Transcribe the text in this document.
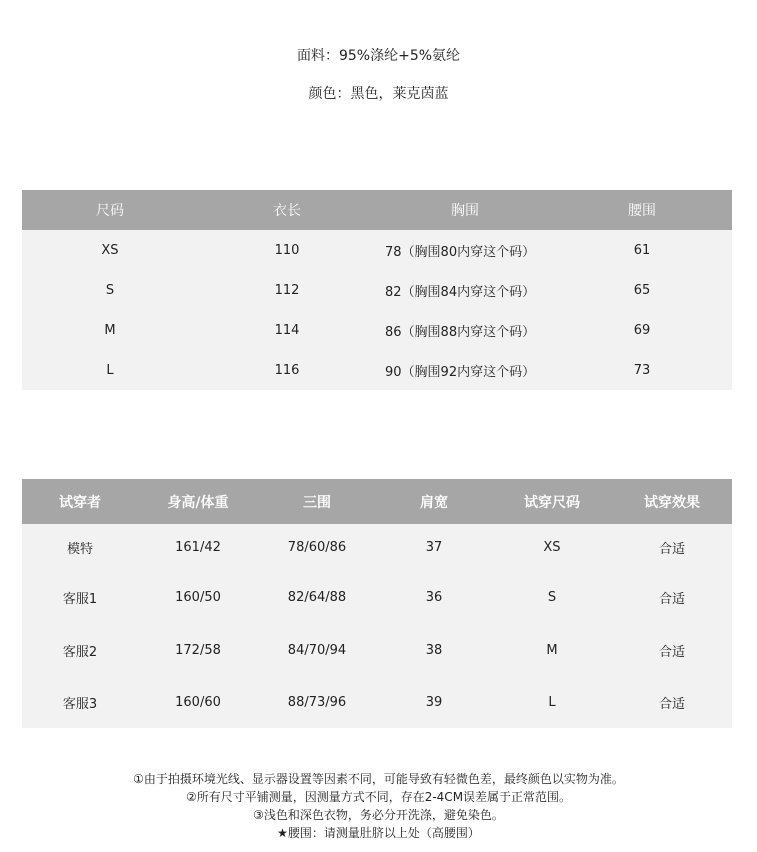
面料：95%涤纶+5%氨纶
颜色：黑色，莱克茵蓝
尺码	衣长	胸围	腰围
XS	110	78（胸围80内穿这个码）	61
S	112	82（胸围84内穿这个码）	65
M	114	86（胸围88内穿这个码）	69
L	116	90（胸围92内穿这个码）	73
试穿者	身高/体重	三围	肩宽	试穿尺码	试穿效果
模特	161/42	78/60/86	37	XS	合适
客服1	160/50	82/64/88	36	S	合适
客服2	172/58	84/70/94	38	M	合适
客服3	160/60	88/73/96	39	L	合适
①由于拍摄环境光线、显示器设置等因素不同，可能导致有轻微色差，最终颜色以实物为准。
②所有尺寸平铺测量，因测量方式不同，存在2-4CM误差属于正常范围。
③浅色和深色衣物，务必分开洗涤，避免染色。
★腰围：请测量肚脐以上处（高腰围）
